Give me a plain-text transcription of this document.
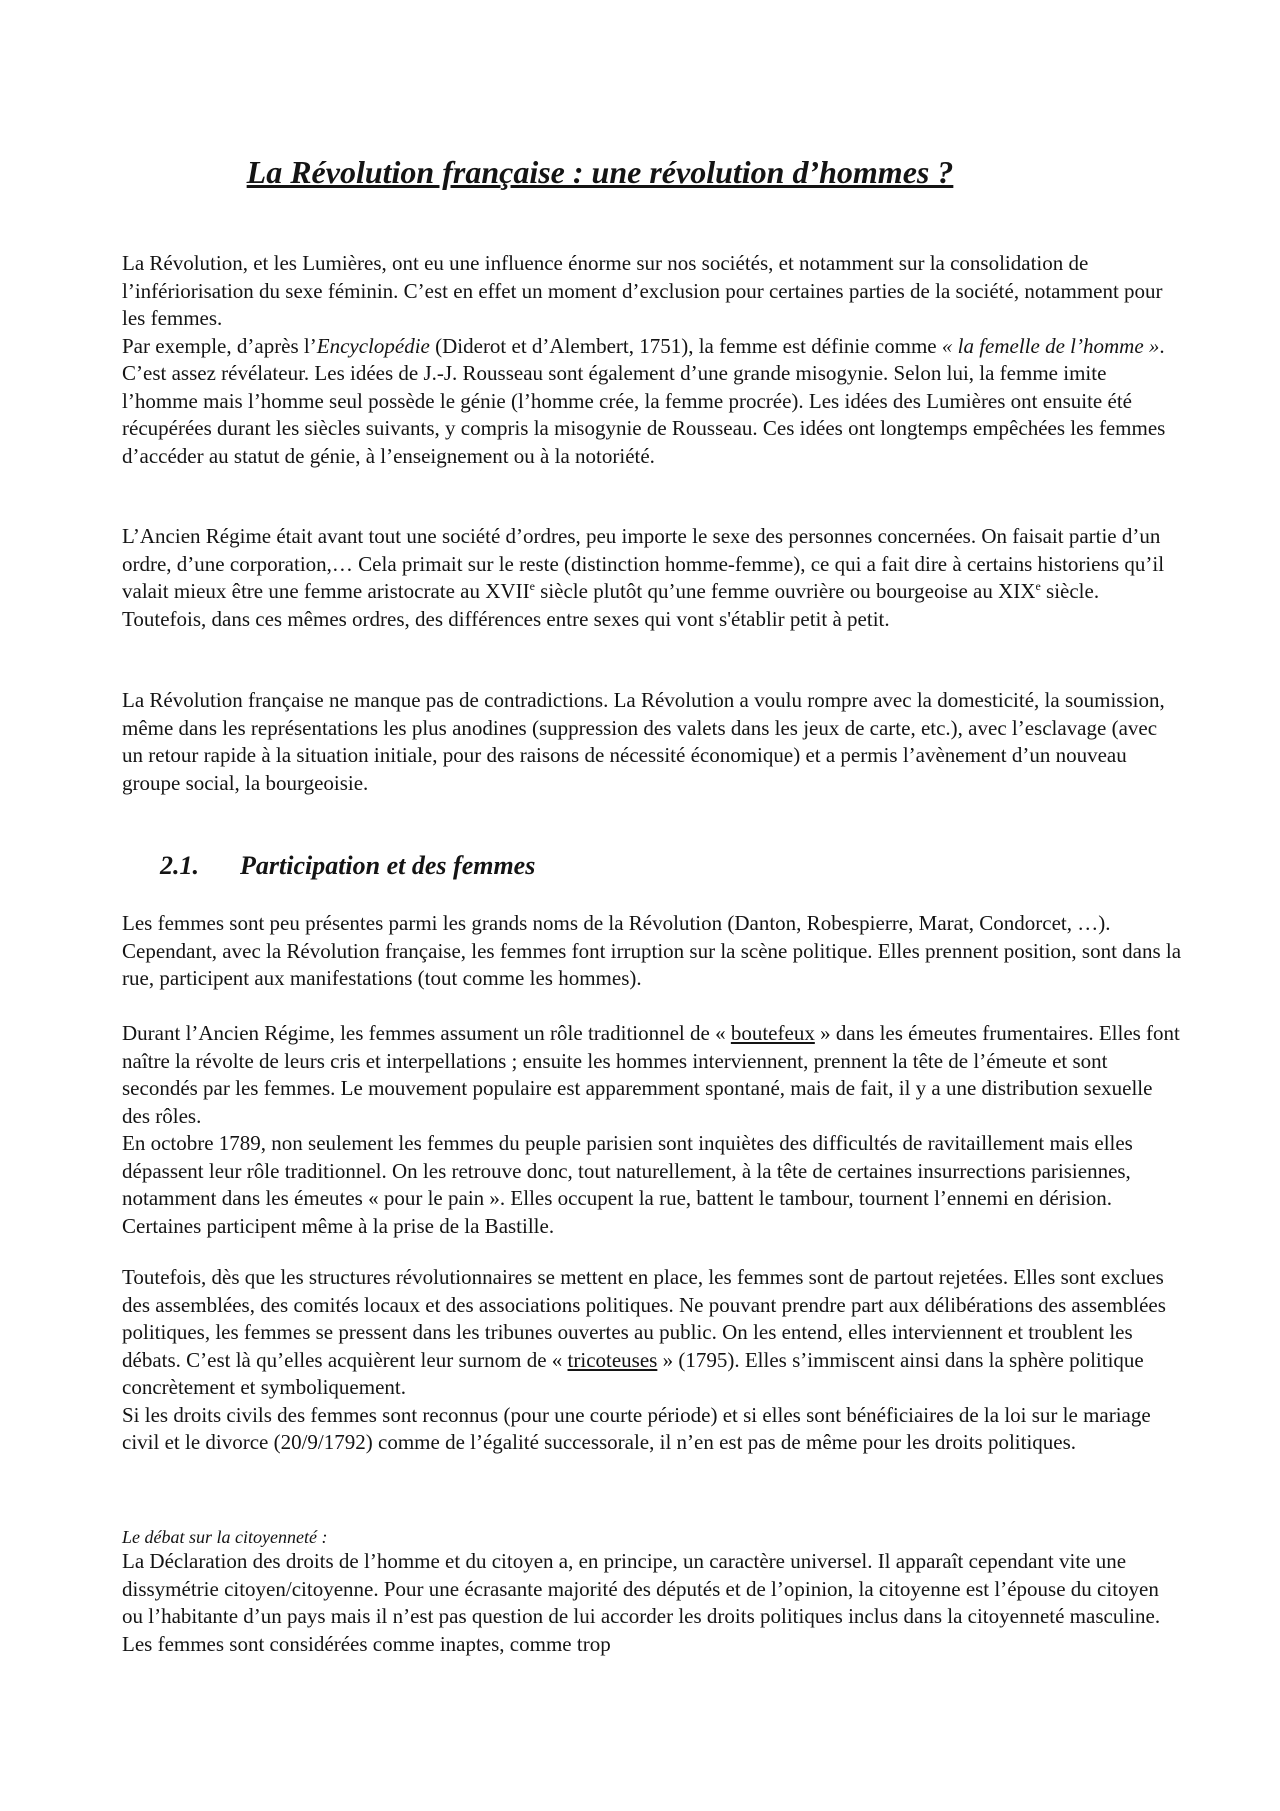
La Révolution française : une révolution d’hommes ?

La Révolution, et les Lumières, ont eu une influence énorme sur nos sociétés, et notamment sur la consolidation de l’infériorisation du sexe féminin. C’est en effet un moment d’exclusion pour certaines parties de la société, notamment pour les femmes.

Par exemple, d’après l’Encyclopédie (Diderot et d’Alembert, 1751), la femme est définie comme « la femelle de l’homme ». C’est assez révélateur. Les idées de J.-J. Rousseau sont également d’une grande misogynie. Selon lui, la femme imite l’homme mais l’homme seul possède le génie (l’homme crée, la femme procrée). Les idées des Lumières ont ensuite été récupérées durant les siècles suivants, y compris la misogynie de Rousseau. Ces idées ont longtemps empêchées les femmes d’accéder au statut de génie, à l’enseignement ou à la notoriété.

L’Ancien Régime était avant tout une société d’ordres, peu importe le sexe des personnes concernées. On faisait partie d’un ordre, d’une corporation,… Cela primait sur le reste (distinction homme-femme), ce qui a fait dire à certains historiens qu’il valait mieux être une femme aristocrate au XVIIe siècle plutôt qu’une femme ouvrière ou bourgeoise au XIXe siècle.

Toutefois, dans ces mêmes ordres, des différences entre sexes qui vont s'établir petit à petit.

La Révolution française ne manque pas de contradictions. La Révolution a voulu rompre avec la domesticité, la soumission, même dans les représentations les plus anodines (suppression des valets dans les jeux de carte, etc.), avec l’esclavage (avec un retour rapide à la situation initiale, pour des raisons de nécessité économique) et a permis l’avènement d’un nouveau groupe social, la bourgeoisie.

2.1. Participation et des femmes

Les femmes sont peu présentes parmi les grands noms de la Révolution (Danton, Robespierre, Marat, Condorcet, …). Cependant, avec la Révolution française, les femmes font irruption sur la scène politique. Elles prennent position, sont dans la rue, participent aux manifestations (tout comme les hommes).

Durant l’Ancien Régime, les femmes assument un rôle traditionnel de « boutefeux » dans les émeutes frumentaires. Elles font naître la révolte de leurs cris et interpellations ; ensuite les hommes interviennent, prennent la tête de l’émeute et sont secondés par les femmes. Le mouvement populaire est apparemment spontané, mais de fait, il y a une distribution sexuelle des rôles.

En octobre 1789, non seulement les femmes du peuple parisien sont inquiètes des difficultés de ravitaillement mais elles dépassent leur rôle traditionnel. On les retrouve donc, tout naturellement, à la tête de certaines insurrections parisiennes, notamment dans les émeutes « pour le pain ». Elles occupent la rue, battent le tambour, tournent l’ennemi en dérision. Certaines participent même à la prise de la Bastille.

Toutefois, dès que les structures révolutionnaires se mettent en place, les femmes sont de partout rejetées. Elles sont exclues des assemblées, des comités locaux et des associations politiques. Ne pouvant prendre part aux délibérations des assemblées politiques, les femmes se pressent dans les tribunes ouvertes au public. On les entend, elles interviennent et troublent les débats. C’est là qu’elles acquièrent leur surnom de « tricoteuses » (1795). Elles s’immiscent ainsi dans la sphère politique concrètement et symboliquement.

Si les droits civils des femmes sont reconnus (pour une courte période) et si elles sont bénéficiaires de la loi sur le mariage civil et le divorce (20/9/1792) comme de l’égalité successorale, il n’en est pas de même pour les droits politiques.

Le débat sur la citoyenneté :

La Déclaration des droits de l’homme et du citoyen a, en principe, un caractère universel. Il apparaît cependant vite une dissymétrie citoyen/citoyenne. Pour une écrasante majorité des députés et de l’opinion, la citoyenne est l’épouse du citoyen ou l’habitante d’un pays mais il n’est pas question de lui accorder les droits politiques inclus dans la citoyenneté masculine. Les femmes sont considérées comme inaptes, comme trop
